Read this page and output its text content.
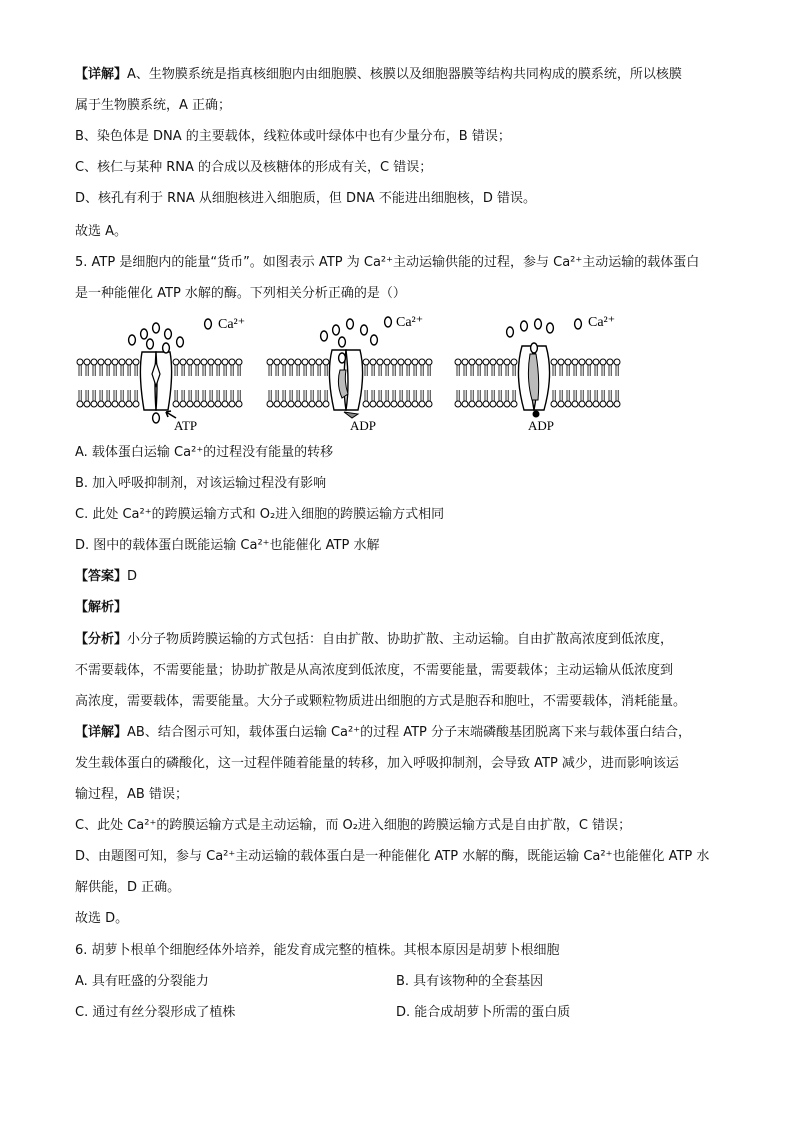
【详解】A、生物膜系统是指真核细胞内由细胞膜、核膜以及细胞器膜等结构共同构成的膜系统，所以核膜
属于生物膜系统，A 正确；
B、染色体是 DNA 的主要载体，线粒体或叶绿体中也有少量分布，B 错误；
C、核仁与某种 RNA 的合成以及核糖体的形成有关，C 错误；
D、核孔有利于 RNA 从细胞核进入细胞质，但 DNA 不能进出细胞核，D 错误。
故选 A。
5. ATP 是细胞内的能量“货币”。如图表示 ATP 为 Ca²⁺主动运输供能的过程，参与 Ca²⁺主动运输的载体蛋白
是一种能催化 ATP 水解的酶。下列相关分析正确的是（）
Ca²⁺
ATP
Ca²⁺
ADP
Ca²⁺
ADP
A. 载体蛋白运输 Ca²⁺的过程没有能量的转移
B. 加入呼吸抑制剂，对该运输过程没有影响
C. 此处 Ca²⁺的跨膜运输方式和 O₂进入细胞的跨膜运输方式相同
D. 图中的载体蛋白既能运输 Ca²⁺也能催化 ATP 水解
【答案】D
【解析】
【分析】小分子物质跨膜运输的方式包括：自由扩散、协助扩散、主动运输。自由扩散高浓度到低浓度，
不需要载体，不需要能量；协助扩散是从高浓度到低浓度，不需要能量，需要载体；主动运输从低浓度到
高浓度，需要载体，需要能量。大分子或颗粒物质进出细胞的方式是胞吞和胞吐，不需要载体，消耗能量。
【详解】AB、结合图示可知，载体蛋白运输 Ca²⁺的过程 ATP 分子末端磷酸基团脱离下来与载体蛋白结合，
发生载体蛋白的磷酸化，这一过程伴随着能量的转移，加入呼吸抑制剂，会导致 ATP 减少，进而影响该运
输过程，AB 错误；
C、此处 Ca²⁺的跨膜运输方式是主动运输，而 O₂进入细胞的跨膜运输方式是自由扩散，C 错误；
D、由题图可知，参与 Ca²⁺主动运输的载体蛋白是一种能催化 ATP 水解的酶，既能运输 Ca²⁺也能催化 ATP 水
解供能，D 正确。
故选 D。
6. 胡萝卜根单个细胞经体外培养，能发育成完整的植株。其根本原因是胡萝卜根细胞
A. 具有旺盛的分裂能力	B. 具有该物种的全套基因
C. 通过有丝分裂形成了植株	D. 能合成胡萝卜所需的蛋白质
